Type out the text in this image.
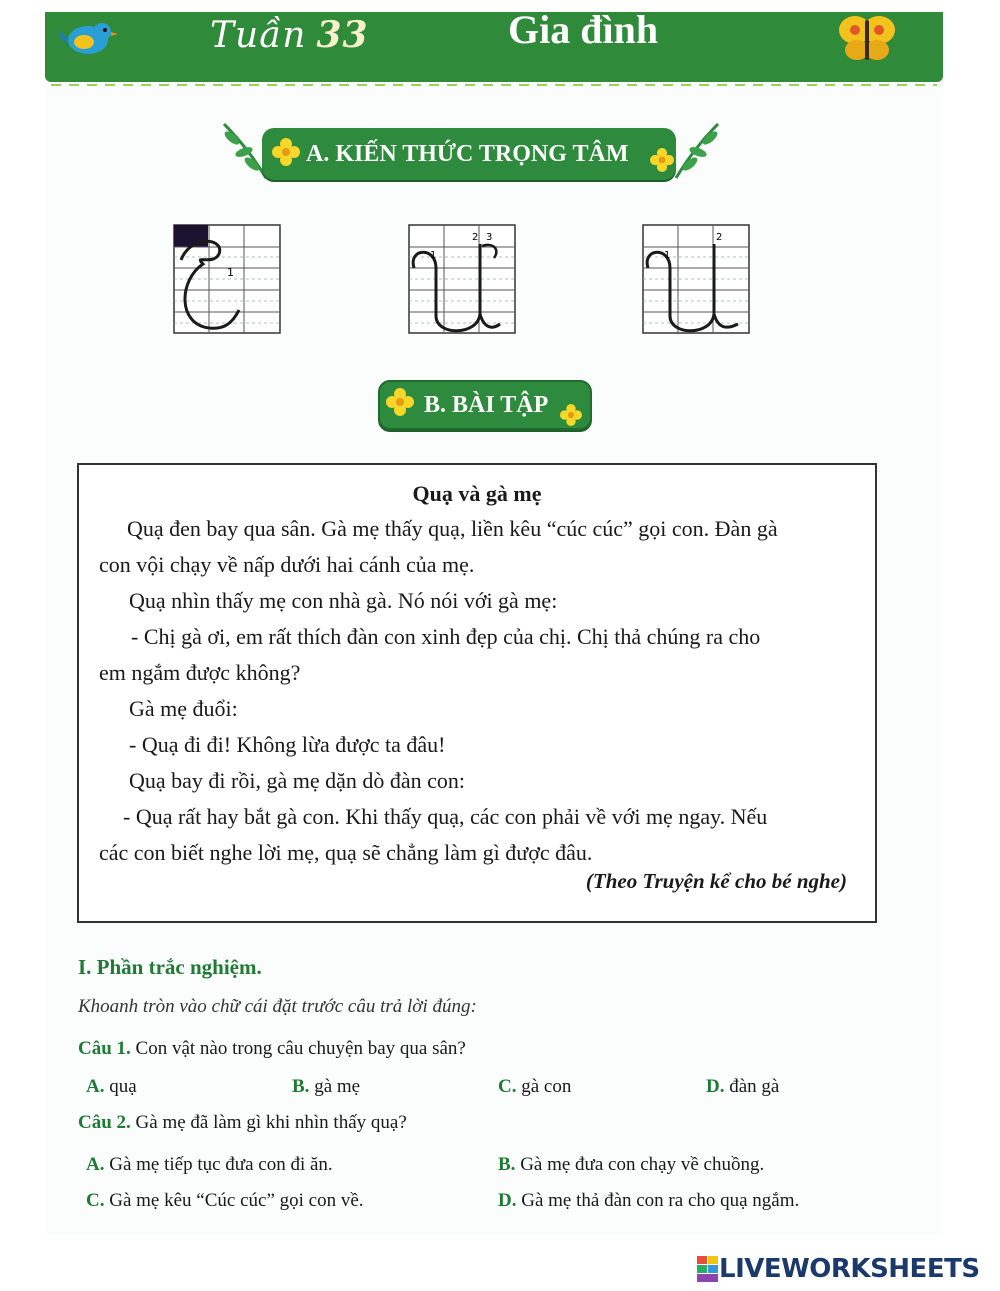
Tuần 33	Gia đình
A. KIẾN THỨC TRỌNG TÂM
1
1
2 3
1
2
B. BÀI TẬP
Quạ và gà mẹ
Quạ đen bay qua sân. Gà mẹ thấy quạ, liền kêu “cúc cúc” gọi con. Đàn gà
con vội chạy về nấp dưới hai cánh của mẹ.
Quạ nhìn thấy mẹ con nhà gà. Nó nói với gà mẹ:
- Chị gà ơi, em rất thích đàn con xinh đẹp của chị. Chị thả chúng ra cho
em ngắm được không?
Gà mẹ đuổi:
- Quạ đi đi! Không lừa được ta đâu!
Quạ bay đi rồi, gà mẹ dặn dò đàn con:
- Quạ rất hay bắt gà con. Khi thấy quạ, các con phải về với mẹ ngay. Nếu
các con biết nghe lời mẹ, quạ sẽ chẳng làm gì được đâu.
(Theo Truyện kể cho bé nghe)
I. Phần trắc nghiệm.
Khoanh tròn vào chữ cái đặt trước câu trả lời đúng:
Câu 1. Con vật nào trong câu chuyện bay qua sân?
A. quạ	B. gà mẹ	C. gà con	D. đàn gà
Câu 2. Gà mẹ đã làm gì khi nhìn thấy quạ?
A. Gà mẹ tiếp tục đưa con đi ăn.	B. Gà mẹ đưa con chạy về chuồng.
C. Gà mẹ kêu “Cúc cúc” gọi con về.	D. Gà mẹ thả đàn con ra cho quạ ngắm.
LIVEWORKSHEETS
